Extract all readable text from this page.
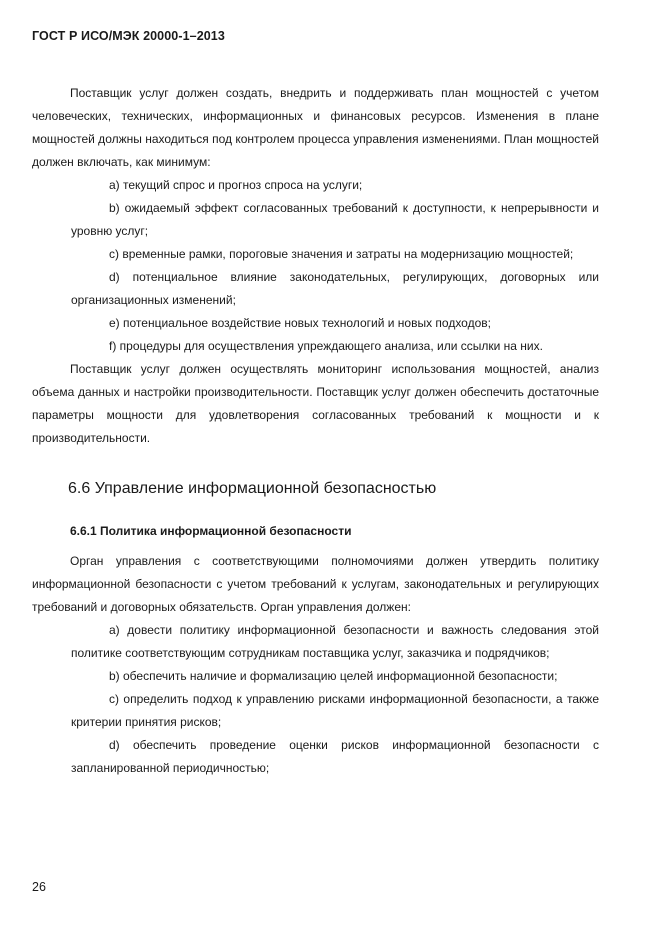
ГОСТ Р ИСО/МЭК 20000-1–2013

Поставщик услуг должен создать, внедрить и поддерживать план мощностей с учетом человеческих, технических, информационных и финансовых ресурсов. Изменения в плане мощностей должны находиться под контролем процесса управления изменениями. План мощностей должен включать, как минимум:

a) текущий спрос и прогноз спроса на услуги;

b) ожидаемый эффект согласованных требований к доступности, к непрерывности и уровню услуг;

c) временные рамки, пороговые значения и затраты на модернизацию мощностей;

d) потенциальное влияние законодательных, регулирующих, договорных или организационных изменений;

e) потенциальное воздействие новых технологий и новых подходов;

f) процедуры для осуществления упреждающего анализа, или ссылки на них.

Поставщик услуг должен осуществлять мониторинг использования мощностей, анализ объема данных и настройки производительности. Поставщик услуг должен обеспечить достаточные параметры мощности для удовлетворения согласованных требований к мощности и к производительности.

6.6 Управление информационной безопасностью
6.6.1 Политика информационной безопасности

Орган управления с соответствующими полномочиями должен утвердить политику информационной безопасности с учетом требований к услугам, законодательных и регулирующих требований и договорных обязательств. Орган управления должен:

a) довести политику информационной безопасности и важность следования этой политике соответствующим сотрудникам поставщика услуг, заказчика и подрядчиков;

b) обеспечить наличие и формализацию целей информационной безопасности;

c) определить подход к управлению рисками информационной безопасности, а также критерии принятия рисков;

d) обеспечить проведение оценки рисков информационной безопасности с запланированной периодичностью;

26
